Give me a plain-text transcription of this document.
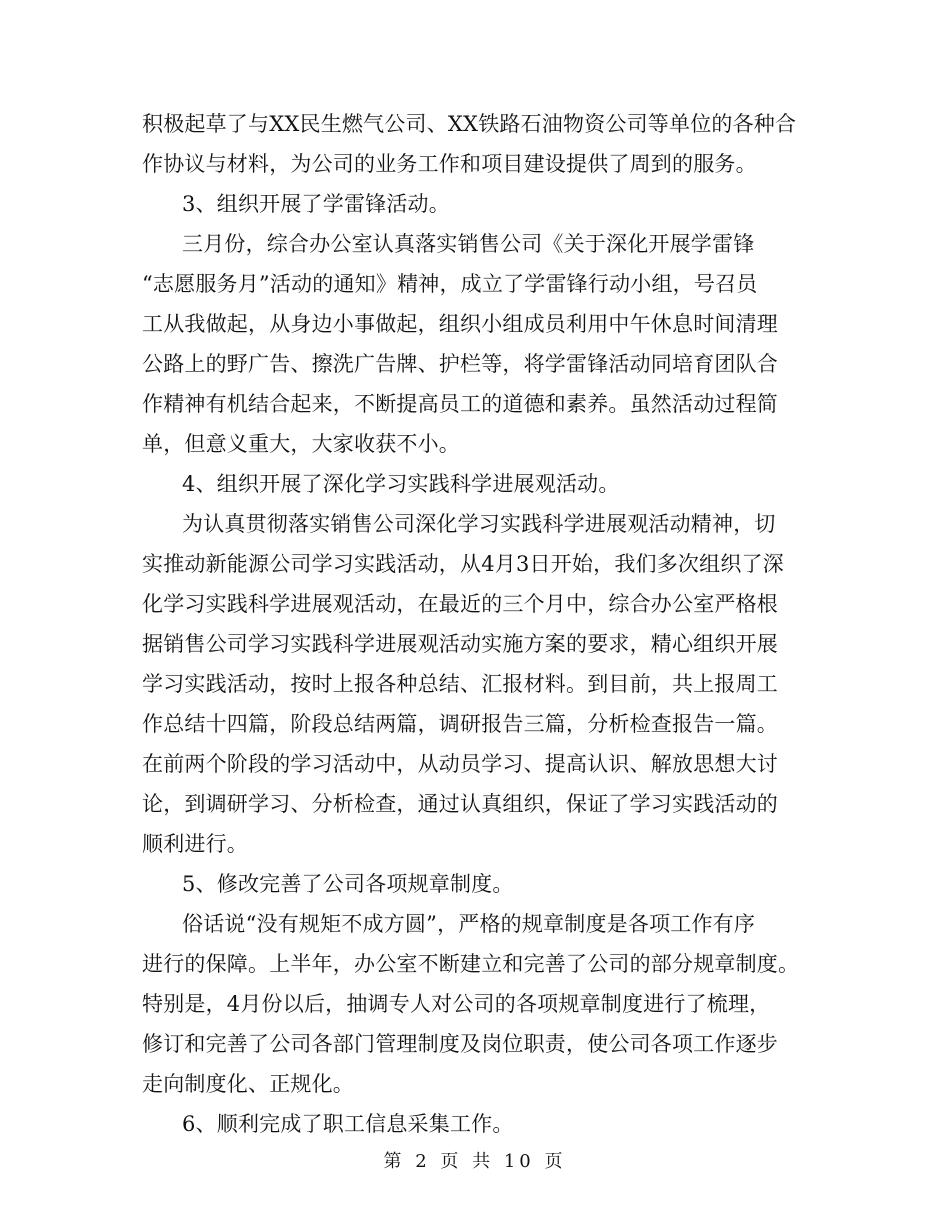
积极起草了与XX民生燃气公司、XX铁路石油物资公司等单位的各种合
作协议与材料，为公司的业务工作和项目建设提供了周到的服务。
3、组织开展了学雷锋活动。
三月份，综合办公室认真落实销售公司《关于深化开展学雷锋
“志愿服务月”活动的通知》精神，成立了学雷锋行动小组，号召员
工从我做起，从身边小事做起，组织小组成员利用中午休息时间清理
公路上的野广告、擦洗广告牌、护栏等，将学雷锋活动同培育团队合
作精神有机结合起来，不断提高员工的道德和素养。虽然活动过程简
单，但意义重大，大家收获不小。
4、组织开展了深化学习实践科学进展观活动。
为认真贯彻落实销售公司深化学习实践科学进展观活动精神，切
实推动新能源公司学习实践活动，从4月3日开始，我们多次组织了深
化学习实践科学进展观活动，在最近的三个月中，综合办公室严格根
据销售公司学习实践科学进展观活动实施方案的要求，精心组织开展
学习实践活动，按时上报各种总结、汇报材料。到目前，共上报周工
作总结十四篇，阶段总结两篇，调研报告三篇，分析检查报告一篇。
在前两个阶段的学习活动中，从动员学习、提高认识、解放思想大讨
论，到调研学习、分析检查，通过认真组织，保证了学习实践活动的
顺利进行。
5、修改完善了公司各项规章制度。
俗话说“没有规矩不成方圆”，严格的规章制度是各项工作有序
进行的保障。上半年，办公室不断建立和完善了公司的部分规章制度。
特别是，4月份以后，抽调专人对公司的各项规章制度进行了梳理，
修订和完善了公司各部门管理制度及岗位职责，使公司各项工作逐步
走向制度化、正规化。
6、顺利完成了职工信息采集工作。
第 2 页 共 10 页
